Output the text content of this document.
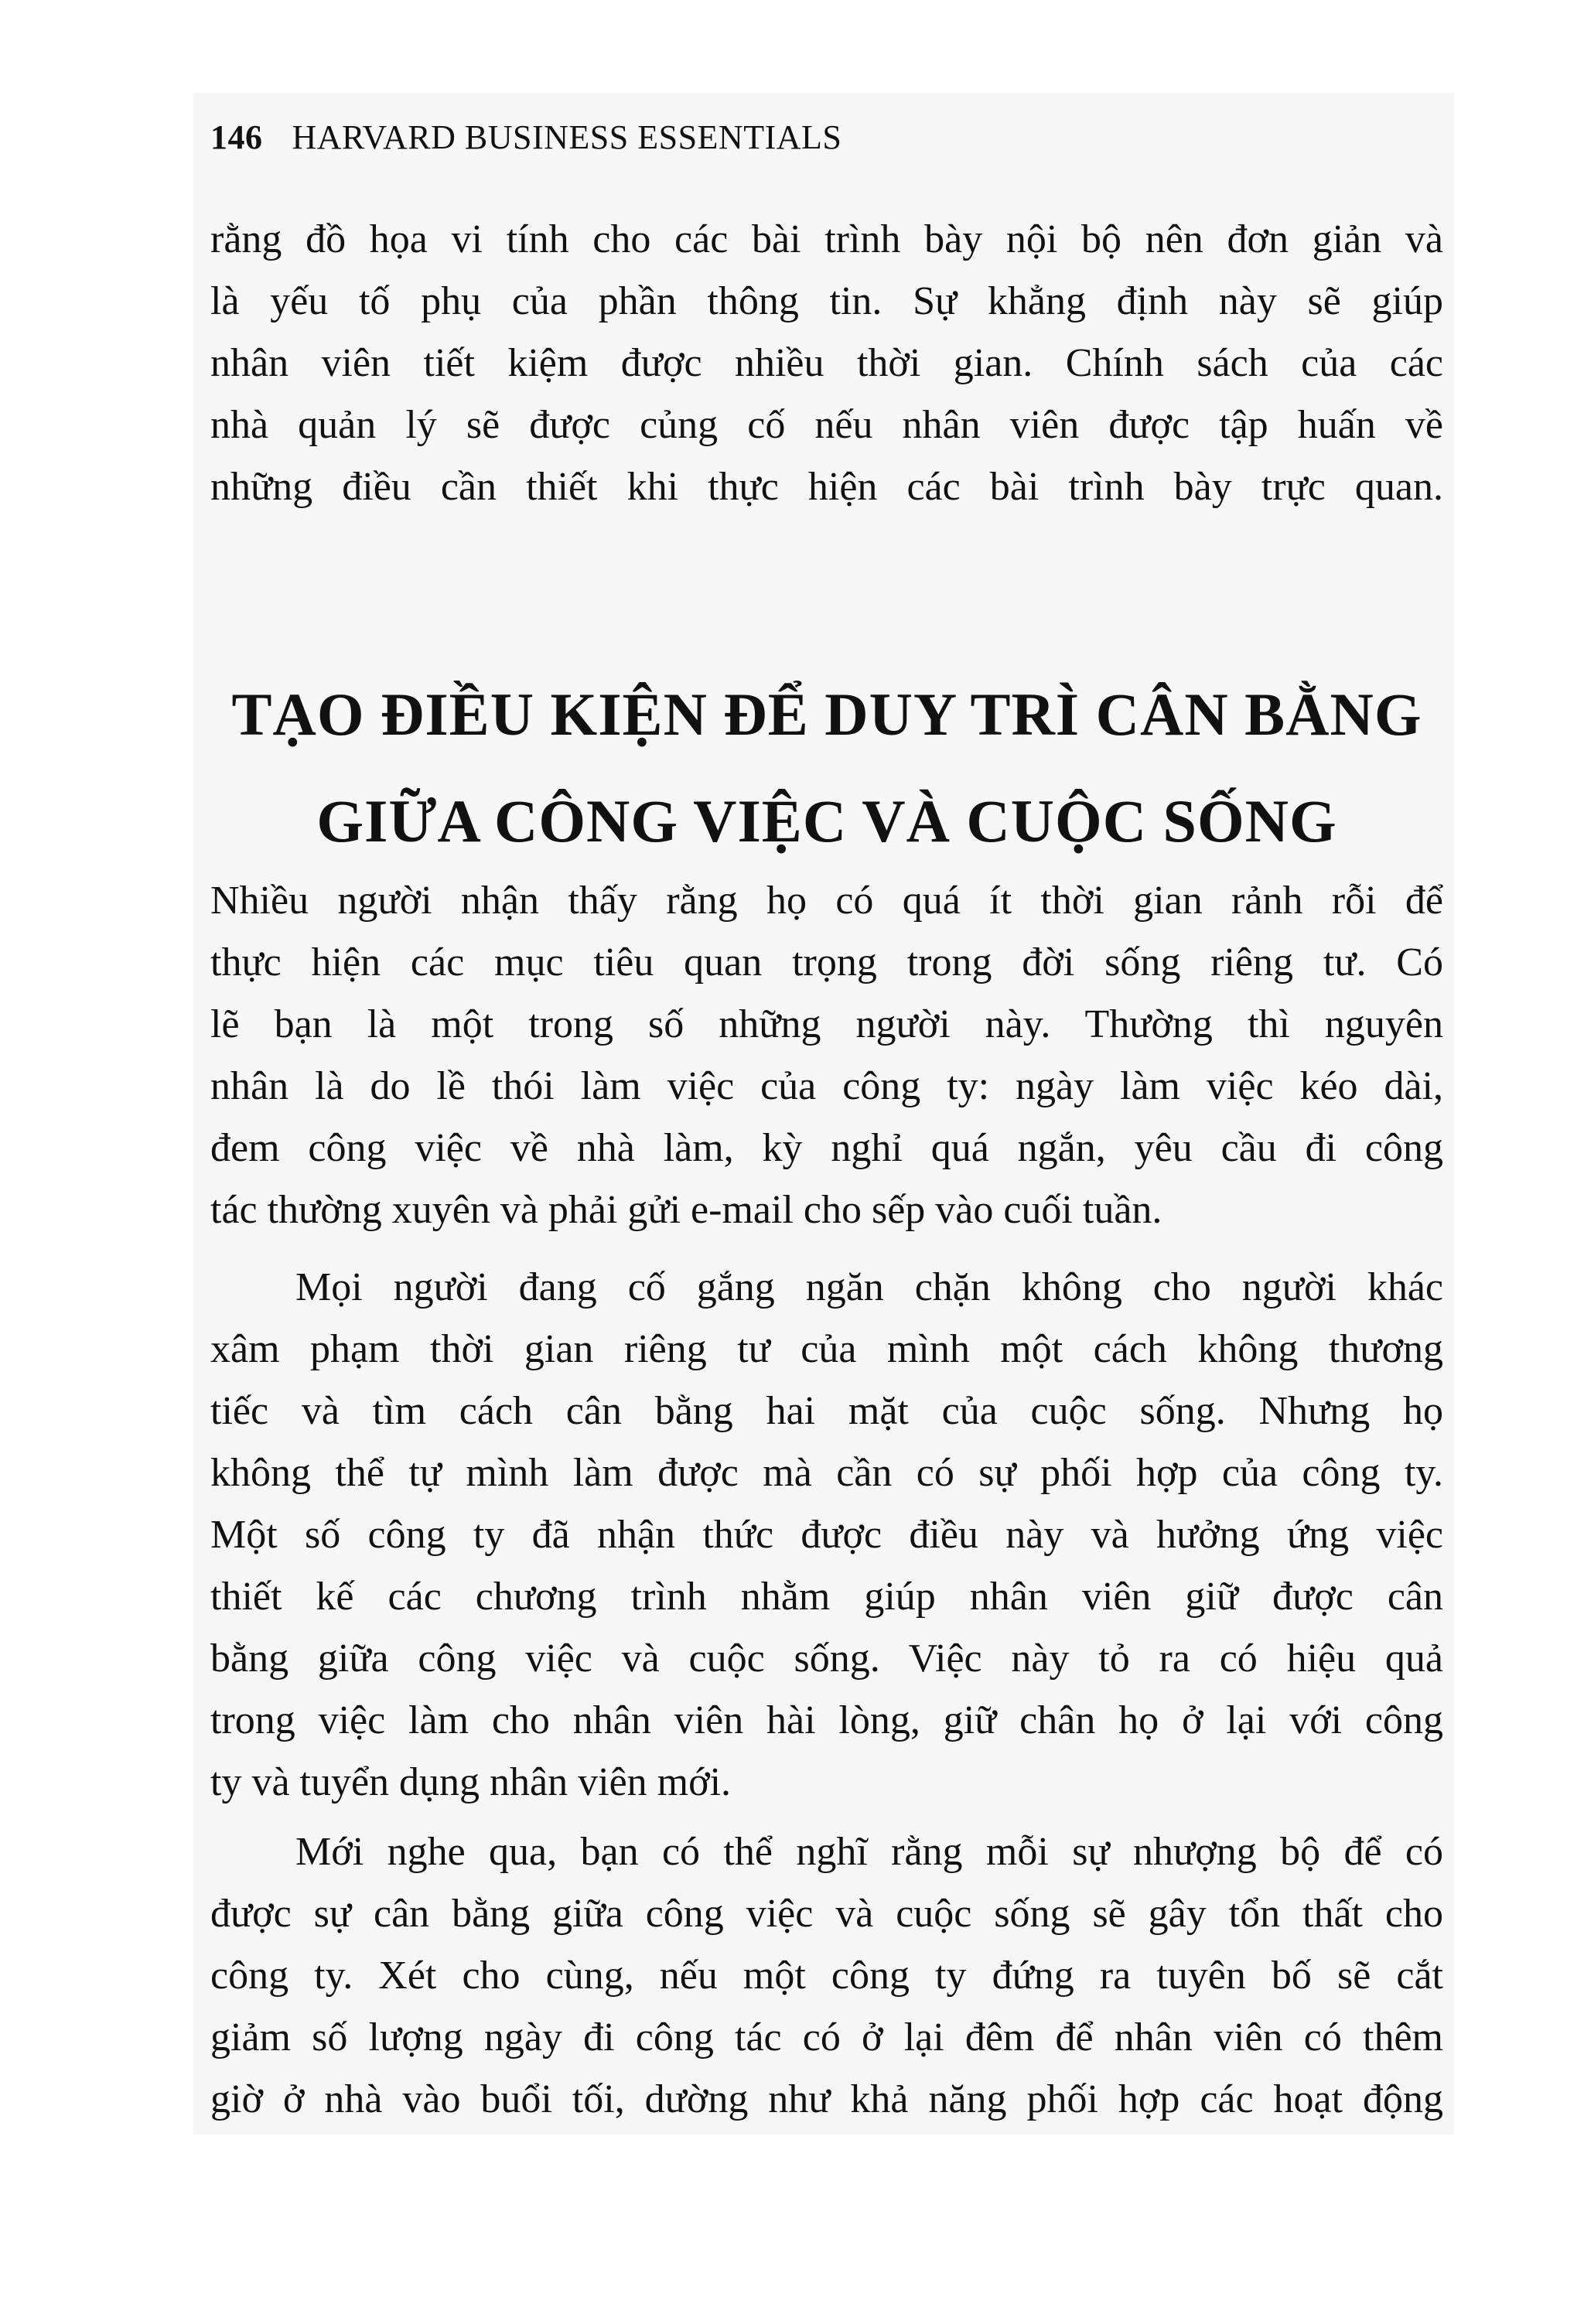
146 HARVARD BUSINESS ESSENTIALS
rằng đồ họa vi tính cho các bài trình bày nội bộ nên đơn giản và
là yếu tố phụ của phần thông tin. Sự khẳng định này sẽ giúp
nhân viên tiết kiệm được nhiều thời gian. Chính sách của các
nhà quản lý sẽ được củng cố nếu nhân viên được tập huấn về
những điều cần thiết khi thực hiện các bài trình bày trực quan.
TẠO ĐIỀU KIỆN ĐỂ DUY TRÌ CÂN BẰNG
GIỮA CÔNG VIỆC VÀ CUỘC SỐNG
Nhiều người nhận thấy rằng họ có quá ít thời gian rảnh rỗi để
thực hiện các mục tiêu quan trọng trong đời sống riêng tư. Có
lẽ bạn là một trong số những người này. Thường thì nguyên
nhân là do lề thói làm việc của công ty: ngày làm việc kéo dài,
đem công việc về nhà làm, kỳ nghỉ quá ngắn, yêu cầu đi công
tác thường xuyên và phải gửi e-mail cho sếp vào cuối tuần.
Mọi người đang cố gắng ngăn chặn không cho người khác
xâm phạm thời gian riêng tư của mình một cách không thương
tiếc và tìm cách cân bằng hai mặt của cuộc sống. Nhưng họ
không thể tự mình làm được mà cần có sự phối hợp của công ty.
Một số công ty đã nhận thức được điều này và hưởng ứng việc
thiết kế các chương trình nhằm giúp nhân viên giữ được cân
bằng giữa công việc và cuộc sống. Việc này tỏ ra có hiệu quả
trong việc làm cho nhân viên hài lòng, giữ chân họ ở lại với công
ty và tuyển dụng nhân viên mới.
Mới nghe qua, bạn có thể nghĩ rằng mỗi sự nhượng bộ để có
được sự cân bằng giữa công việc và cuộc sống sẽ gây tổn thất cho
công ty. Xét cho cùng, nếu một công ty đứng ra tuyên bố sẽ cắt
giảm số lượng ngày đi công tác có ở lại đêm để nhân viên có thêm
giờ ở nhà vào buổi tối, dường như khả năng phối hợp các hoạt động
